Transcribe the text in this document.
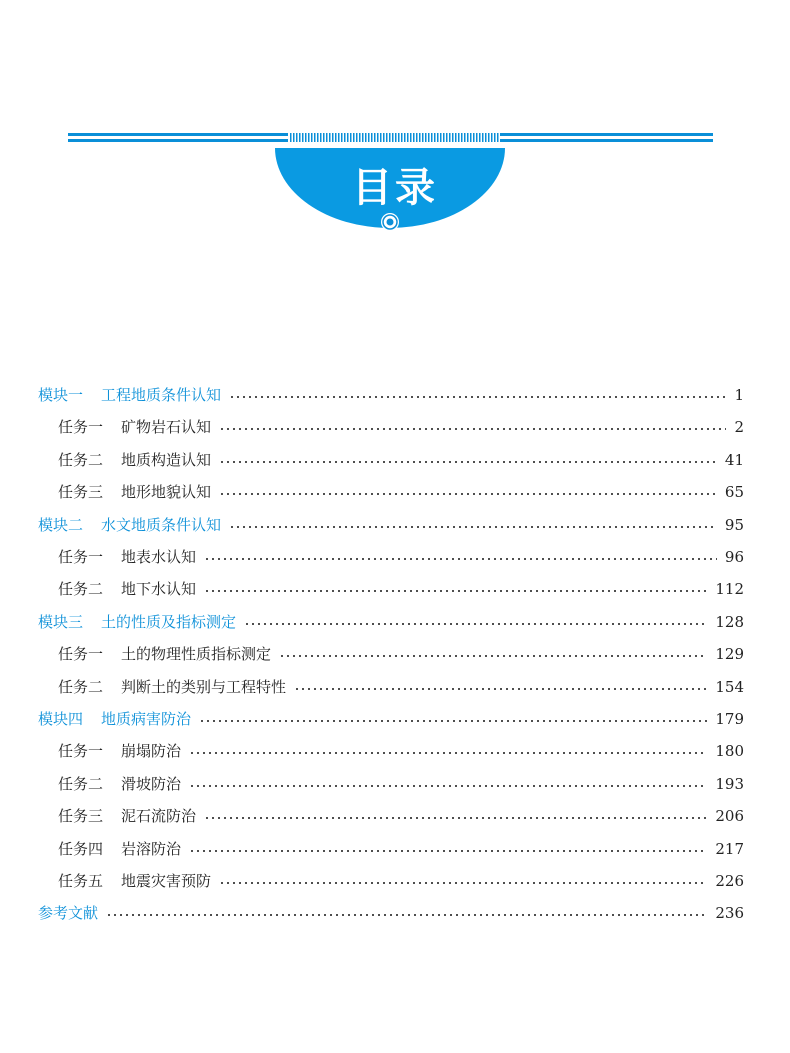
目录
模块一 工程地质条件认知	1
任务一 矿物岩石认知	2
任务二 地质构造认知	41
任务三 地形地貌认知	65
模块二 水文地质条件认知	95
任务一 地表水认知	96
任务二 地下水认知	112
模块三 土的性质及指标测定	128
任务一 土的物理性质指标测定	129
任务二 判断土的类别与工程特性	154
模块四 地质病害防治	179
任务一 崩塌防治	180
任务二 滑坡防治	193
任务三 泥石流防治	206
任务四 岩溶防治	217
任务五 地震灾害预防	226
参考文献	236
